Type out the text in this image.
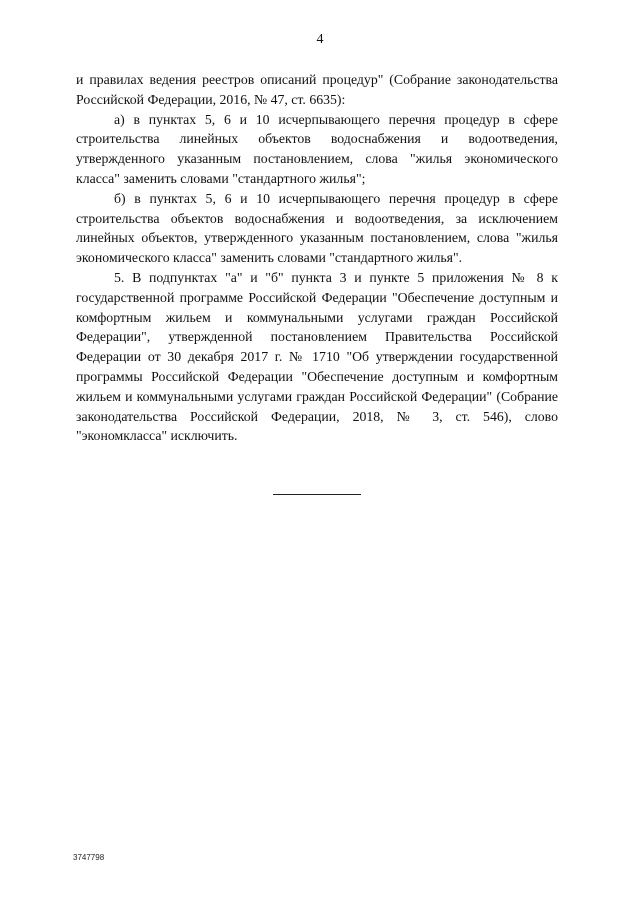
4

и правилах ведения реестров описаний процедур" (Собрание законодательства Российской Федерации, 2016, № 47, ст. 6635):

а) в пунктах 5, 6 и 10 исчерпывающего перечня процедур в сфере строительства линейных объектов водоснабжения и водоотведения, утвержденного указанным постановлением, слова "жилья экономического класса" заменить словами "стандартного жилья";

б) в пунктах 5, 6 и 10 исчерпывающего перечня процедур в сфере строительства объектов водоснабжения и водоотведения, за исключением линейных объектов, утвержденного указанным постановлением, слова "жилья экономического класса" заменить словами "стандартного жилья".

5. В подпунктах "а" и "б" пункта 3 и пункте 5 приложения № 8 к государственной программе Российской Федерации "Обеспечение доступным и комфортным жильем и коммунальными услугами граждан Российской Федерации", утвержденной постановлением Правительства Российской Федерации от 30 декабря 2017 г. № 1710 "Об утверждении государственной программы Российской Федерации "Обеспечение доступным и комфортным жильем и коммунальными услугами граждан Российской Федерации" (Собрание законодательства Российской Федерации, 2018, № 3, ст. 546), слово "экономкласса" исключить.

3747798
